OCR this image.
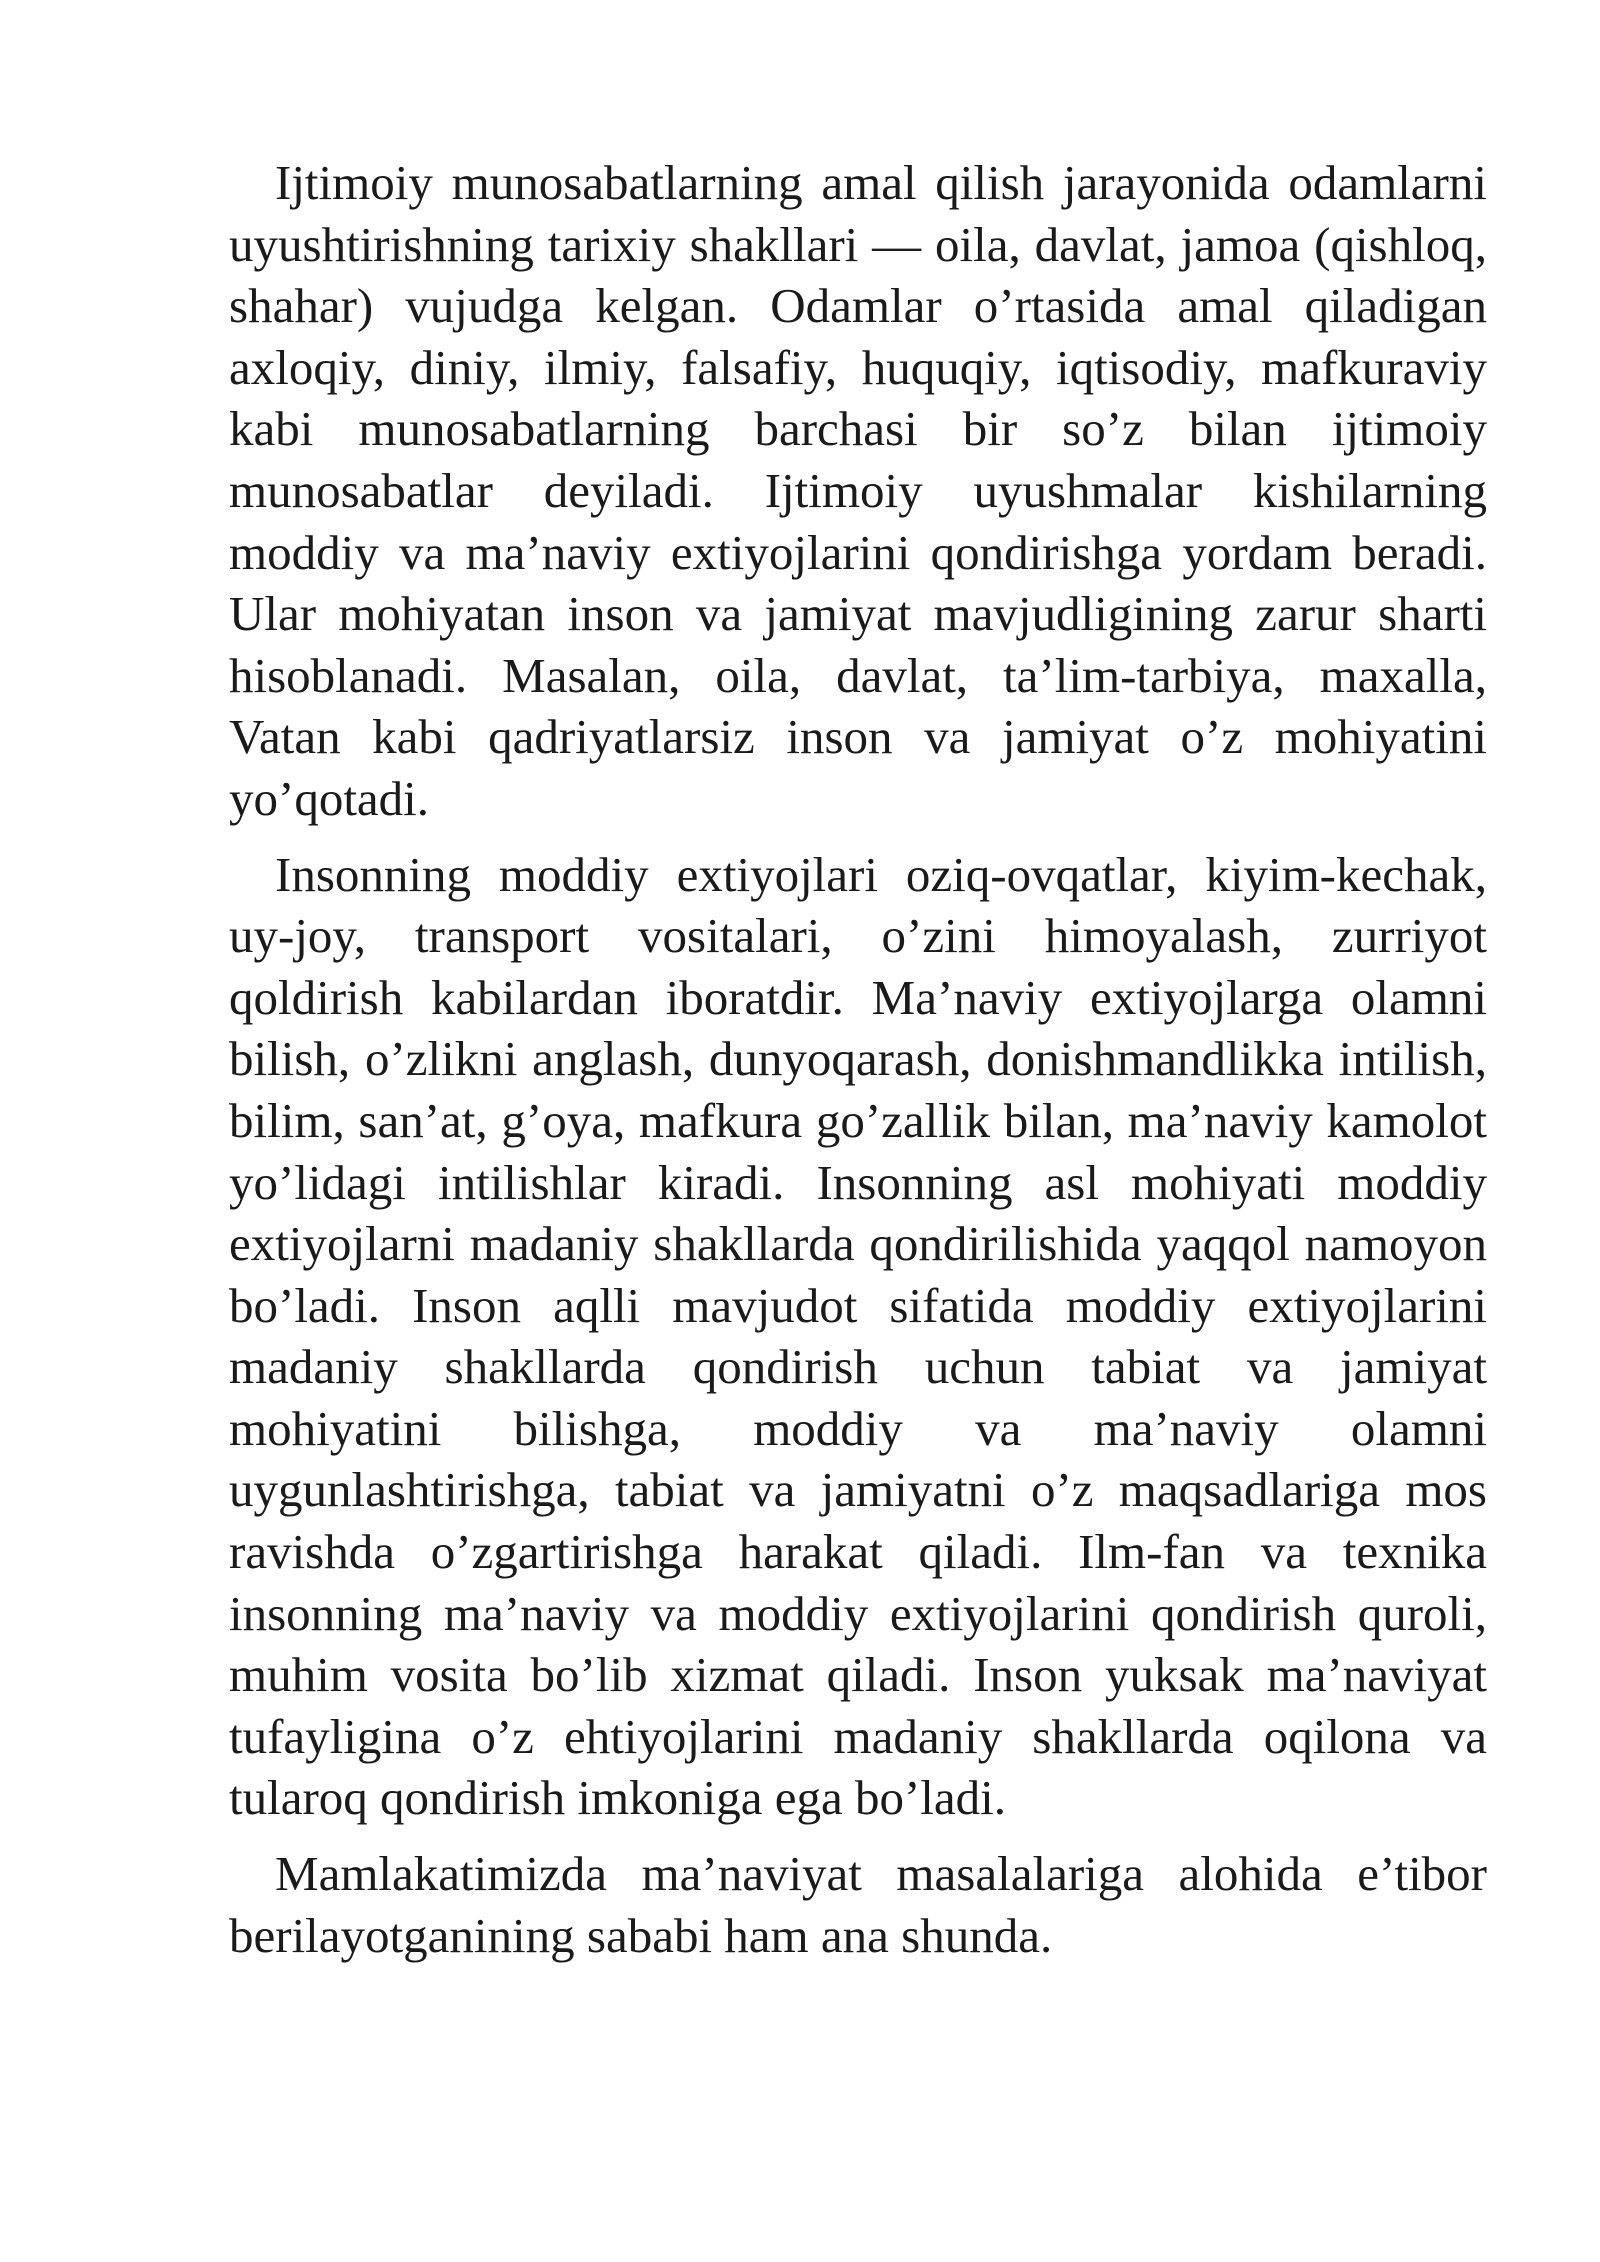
Ijtimoiy munosabatlarning amal qilish jarayonida odamlarni uyushtirishning tarixiy shakllari — oila, davlat, jamoa (qishloq, shahar) vujudga kelgan. Odamlar o’rtasida amal qiladigan axloqiy, diniy, ilmiy, falsafiy, huquqiy, iqtisodiy, mafkuraviy kabi munosabatlarning barchasi bir so’z bilan ijtimoiy munosabatlar deyiladi. Ijtimoiy uyushmalar kishilarning moddiy va ma’naviy extiyojlarini qondirishga yordam beradi. Ular mohiyatan inson va jamiyat mavjudligining zarur sharti hisoblanadi. Masalan, oila, davlat, ta’lim-tarbiya, maxalla, Vatan kabi qadriyatlarsiz inson va jamiyat o’z mohiyatini yo’qotadi.

Insonning moddiy extiyojlari oziq-ovqatlar, kiyim-kechak, uy-joy, transport vositalari, o’zini himoyalash, zurriyot qoldirish kabilardan iboratdir. Ma’naviy extiyojlarga olamni bilish, o’zlikni anglash, dunyoqarash, donishmandlikka intilish, bilim, san’at, g’oya, mafkura go’zallik bilan, ma’naviy kamolot yo’lidagi intilishlar kiradi. Insonning asl mohiyati moddiy extiyojlarni madaniy shakllarda qondirilishida yaqqol namoyon bo’ladi. Inson aqlli mavjudot sifatida moddiy extiyojlarini madaniy shakllarda qondirish uchun tabiat va jamiyat mohiyatini bilishga, moddiy va ma’naviy olamni uygunlashtirishga, tabiat va jamiyatni o’z maqsadlariga mos ravishda o’zgartirishga harakat qiladi. Ilm-fan va texnika insonning ma’naviy va moddiy extiyojlarini qondirish quroli, muhim vosita bo’lib xizmat qiladi. Inson yuksak ma’naviyat tufayligina o’z ehtiyojlarini madaniy shakllarda oqilona va tularoq qondirish imkoniga ega bo’ladi.

Mamlakatimizda ma’naviyat masalalariga alohida e’tibor berilayotganining sababi ham ana shunda.
